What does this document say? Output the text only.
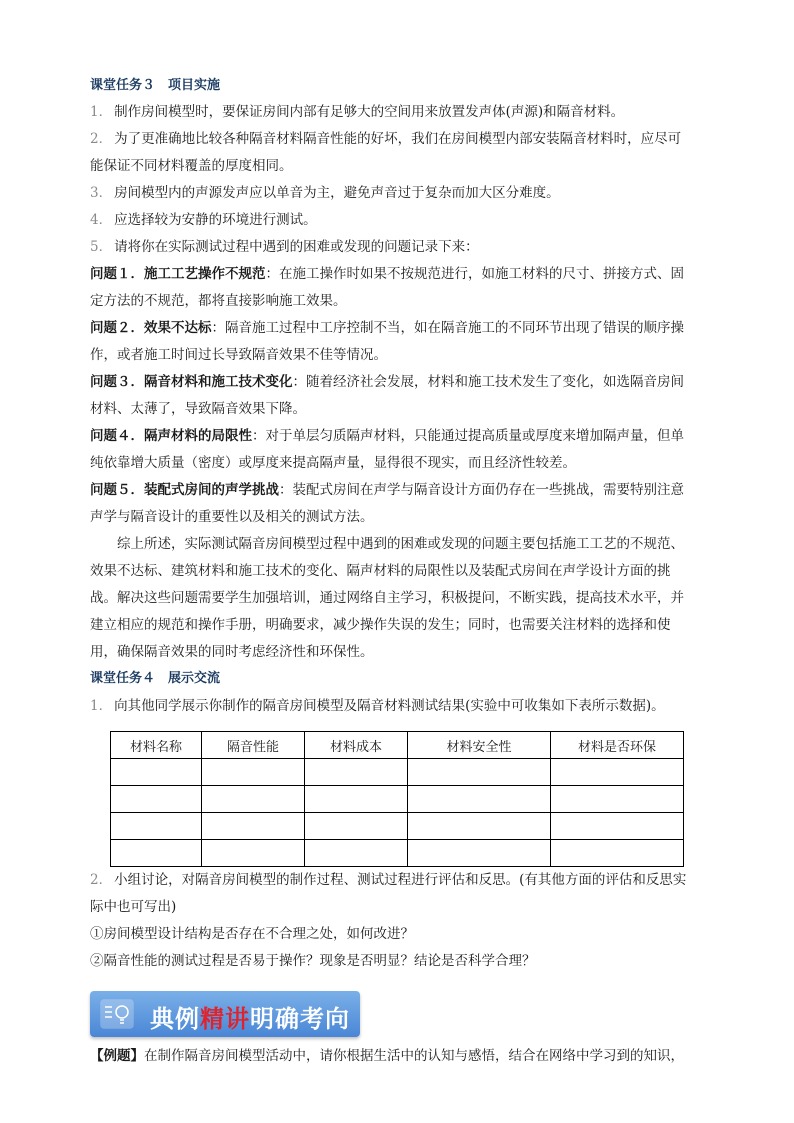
课堂任务３　项目实施
1． 制作房间模型时，要保证房间内部有足够大的空间用来放置发声体(声源)和隔音材料。
2． 为了更准确地比较各种隔音材料隔音性能的好坏，我们在房间模型内部安装隔音材料时，应尽可
能保证不同材料覆盖的厚度相同。
3． 房间模型内的声源发声应以单音为主，避免声音过于复杂而加大区分难度。
4． 应选择较为安静的环境进行测试。
5． 请将你在实际测试过程中遇到的困难或发现的问题记录下来：
问题１．施工工艺操作不规范：在施工操作时如果不按规范进行，如施工材料的尺寸、拼接方式、固
定方法的不规范，都将直接影响施工效果。
问题２．效果不达标：隔音施工过程中工序控制不当，如在隔音施工的不同环节出现了错误的顺序操
作，或者施工时间过长导致隔音效果不佳等情况。
问题３．隔音材料和施工技术变化：随着经济社会发展，材料和施工技术发生了变化，如选隔音房间
材料、太薄了，导致隔音效果下降。
问题４．隔声材料的局限性：对于单层匀质隔声材料，只能通过提高质量或厚度来增加隔声量，但单
纯依靠增大质量（密度）或厚度来提高隔声量，显得很不现实，而且经济性较差。
问题５．装配式房间的声学挑战：装配式房间在声学与隔音设计方面仍存在一些挑战，需要特别注意
声学与隔音设计的重要性以及相关的测试方法。
　　综上所述，实际测试隔音房间模型过程中遇到的困难或发现的问题主要包括施工工艺的不规范、
效果不达标、建筑材料和施工技术的变化、隔声材料的局限性以及装配式房间在声学设计方面的挑
战。解决这些问题需要学生加强培训，通过网络自主学习，积极提问，不断实践，提高技术水平，并
建立相应的规范和操作手册，明确要求，减少操作失误的发生；同时，也需要关注材料的选择和使
用，确保隔音效果的同时考虑经济性和环保性。
课堂任务４　展示交流
1． 向其他同学展示你制作的隔音房间模型及隔音材料测试结果(实验中可收集如下表所示数据)。
材料名称	隔音性能	材料成本	材料安全性	材料是否环保

2． 小组讨论，对隔音房间模型的制作过程、测试过程进行评估和反思。(有其他方面的评估和反思实
际中也可写出)
①房间模型设计结构是否存在不合理之处，如何改进？
②隔音性能的测试过程是否易于操作？现象是否明显？结论是否科学合理？
典例精讲明确考向
【例题】在制作隔音房间模型活动中，请你根据生活中的认知与感悟，结合在网络中学习到的知识，
